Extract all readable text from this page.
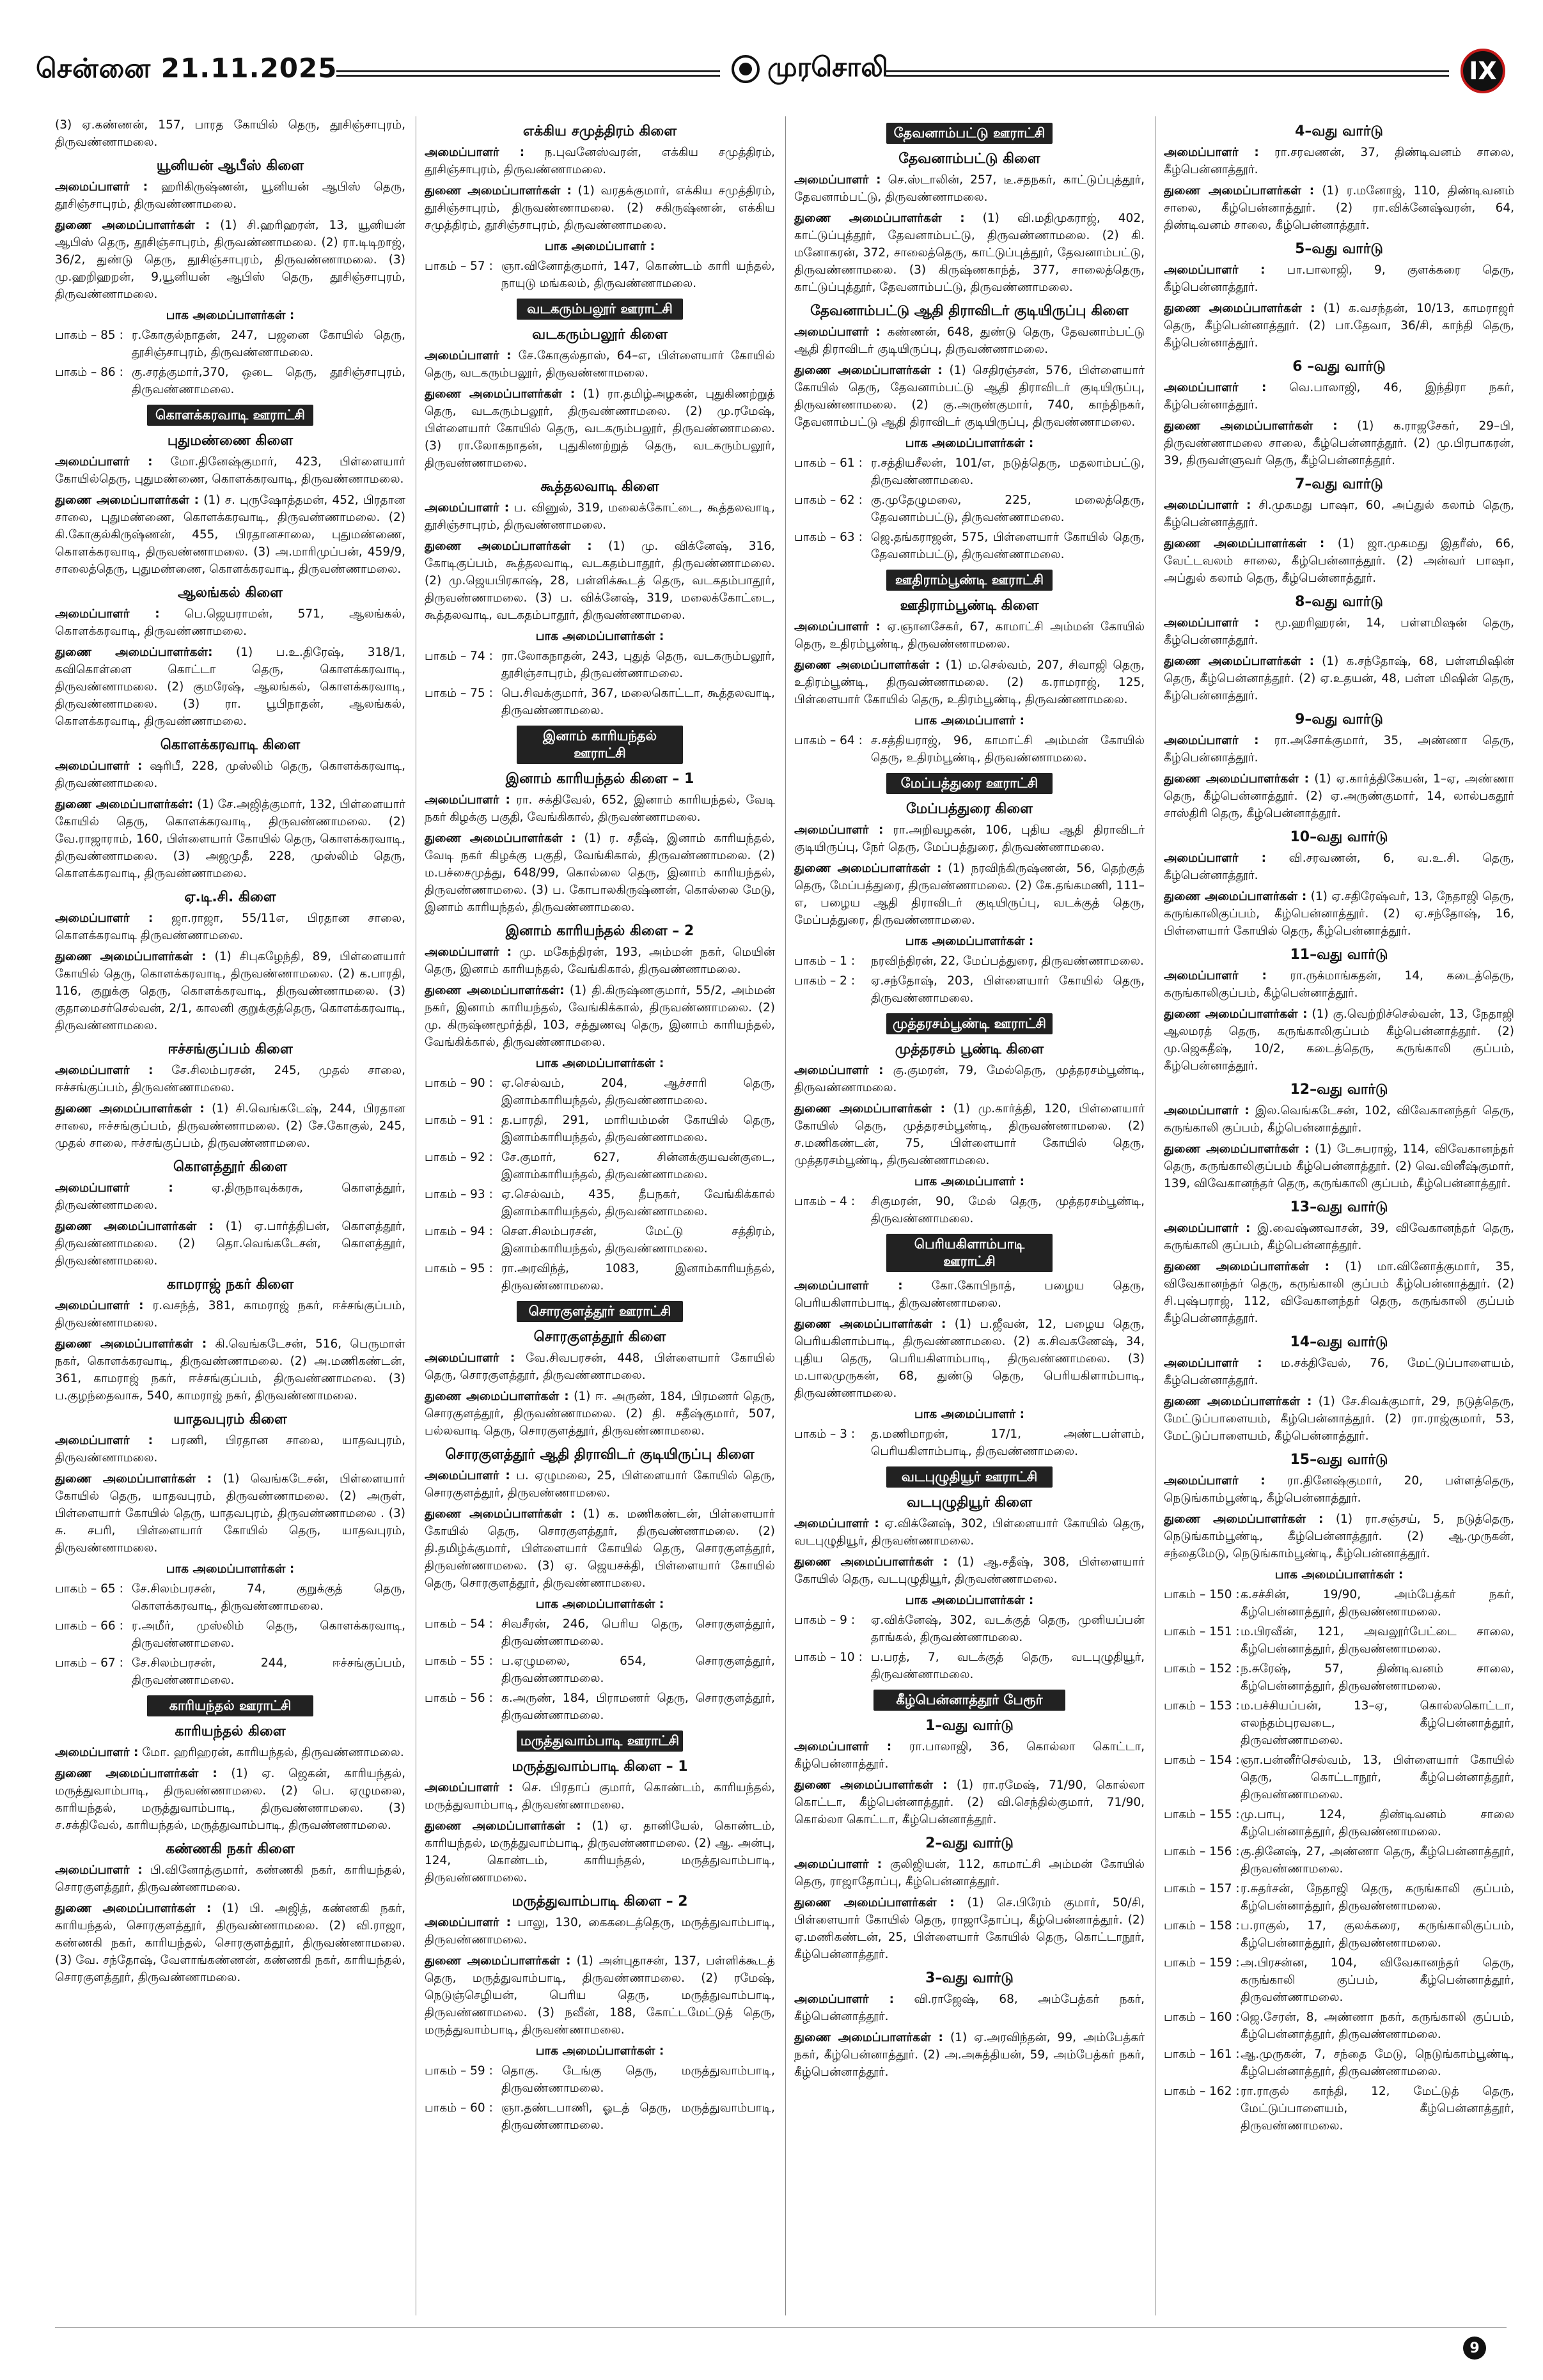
சென்னை 21.11.2025	முரசொலி	IX

(3) ஏ.கண்ணன், 157, பாரத கோயில் தெரு, தூசிஞ்சாபுரம், திருவண்ணாமலை.

யூனியன் ஆபீஸ் கிளை

அமைப்பாளர் : ஹரிகிருஷ்ணன், யூனியன் ஆபிஸ் தெரு, தூசிஞ்சாபுரம், திருவண்ணாமலை.

துணை அமைப்பாளர்கள் : (1) சி.ஹரிஹரன், 13, யூனியன் ஆபிஸ் தெரு, தூசிஞ்சாபுரம், திருவண்ணாமலை. (2) ரா.டிடிறாஜ், 36/2, துண்டு தெரு, தூசிஞ்சாபுரம், திருவண்ணாமலை. (3) மு.ஹறிஹறன், 9,யூனியன் ஆபிஸ் தெரு, தூசிஞ்சாபுரம், திருவண்ணாமலை.

பாக அமைப்பாளர்கள் :
பாகம் – 85 : ர.கோகுல்நாதன், 247, பஜனை கோயில் தெரு, தூசிஞ்சாபுரம், திருவண்ணாமலை.
பாகம் – 86 : கு.சரத்குமார்,370, ஒடை தெரு, தூசிஞ்சாபுரம், திருவண்ணாமலை.
கொளக்கரவாடி ஊராட்சி
புதுமண்ணை கிளை

அமைப்பாளர் : மோ.தினேஷ்குமார், 423, பிள்ளையார் கோயில்தெரு, புதுமண்ணை, கொளக்கரவாடி, திருவண்ணாமலை.

துணை அமைப்பாளர்கள் : (1) ச. புருஷோத்தமன், 452, பிரதான சாலை, புதுமண்ணை, கொளக்கரவாடி, திருவண்ணாமலை. (2) கி.கோகுல்கிருஷ்ணன், 455, பிரதானசாலை, புதுமண்ணை, கொளக்கரவாடி, திருவண்ணாமலை. (3) அ.மாரிமுப்பன், 459/9, சாலைத்தெரு, புதுமண்ணை, கொளக்கரவாடி, திருவண்ணாமலை.

ஆலங்கல் கிளை

அமைப்பாளர் : பெ.ஜெயராமன், 571, ஆலங்கல், கொளக்கரவாடி, திருவண்ணாமலை.

துணை அமைப்பாளர்கள்: (1) ப.உ.திரேஷ், 318/1, கவிகொள்ளை கொட்டா தெரு, கொளக்கரவாடி, திருவண்ணாமலை. (2) குமரேஷ், ஆலங்கல், கொளக்கரவாடி, திருவண்ணாமலை. (3) ரா. பூபிநாதன், ஆலங்கல், கொளக்கரவாடி, திருவண்ணாமலை.

கொளக்கரவாடி கிளை

அமைப்பாளர் : ஷரிபீ, 228, முஸ்லிம் தெரு, கொளக்கரவாடி, திருவண்ணாமலை.

துணை அமைப்பாளர்கள்: (1) சே.அஜித்குமார், 132, பிள்ளையார் கோயில் தெரு, கொளக்கரவாடி, திருவண்ணாமலை. (2) வே.ராஜாராம், 160, பிள்ளையார் கோயில் தெரு, கொளக்கரவாடி, திருவண்ணாமலை. (3) அஜமுதீ, 228, முஸ்லிம் தெரு, கொளக்கரவாடி, திருவண்ணாமலை.

ஏ.டி.சி. கிளை

அமைப்பாளர் : ஜா.ராஜா, 55/11எ, பிரதான சாலை, கொளக்கரவாடி திருவண்ணாமலை.

துணை அமைப்பாளர்கள் : (1) சிபுகழேந்தி, 89, பிள்ளையார் கோயில் தெரு, கொளக்கரவாடி, திருவண்ணாமலை. (2) க.பாரதி, 116, குறுக்கு தெரு, கொளக்கரவாடி, திருவண்ணாமலை. (3) குதாமைசர்செல்வன், 2/1, காலனி குறுக்குத்தெரு, கொளக்கரவாடி, திருவண்ணாமலை.

ஈச்சங்குப்பம் கிளை

அமைப்பாளர் : சே.சிலம்பரசன், 245, முதல் சாலை, ஈச்சங்குப்பம், திருவண்ணாமலை.

துணை அமைப்பாளர்கள் : (1) சி.வெங்கடேஷ், 244, பிரதான சாலை, ஈச்சங்குப்பம், திருவண்ணாமலை. (2) சே.கோகுல், 245, முதல் சாலை, ஈச்சங்குப்பம், திருவண்ணாமலை.

கொளத்தூர் கிளை

அமைப்பாளர் : ஏ.திருநாவுக்கரசு, கொளத்தூர், திருவண்ணாமலை.

துணை அமைப்பாளர்கள் : (1) ஏ.பார்த்திபன், கொளத்தூர், திருவண்ணாமலை. (2) தொ.வெங்கடேசன், கொளத்தூர், திருவண்ணாமலை.

காமராஜ் நகர் கிளை

அமைப்பாளர் : ர.வசந்த், 381, காமராஜ் நகர், ஈச்சங்குப்பம், திருவண்ணாமலை.

துணை அமைப்பாளர்கள் : கி.வெங்கடேசன், 516, பெருமாள் நகர், கொளக்கரவாடி, திருவண்ணாமலை. (2) அ.மணிகண்டன், 361, காமராஜ் நகர், ஈச்சங்குப்பம், திருவண்ணாமலை. (3) ப.குழந்தைவாசு, 540, காமராஜ் நகர், திருவண்ணாமலை.

யாதவபுரம் கிளை

அமைப்பாளர் : பரணி, பிரதான சாலை, யாதவபுரம், திருவண்ணாமலை.

துணை அமைப்பாளர்கள் : (1) வெங்கடேசன், பிள்ளையார் கோயில் தெரு, யாதவபுரம், திருவண்ணாமலை. (2) அருள், பிள்ளையார் கோயில் தெரு, யாதவபுரம், திருவண்ணாமலை . (3) சு. சபரி, பிள்ளையார் கோயில் தெரு, யாதவபுரம், திருவண்ணாமலை.

பாக அமைப்பாளர்கள் :
பாகம் – 65 : சே.சிலம்பரசன், 74, குறுக்குத் தெரு, கொளக்கரவாடி, திருவண்ணாமலை.
பாகம் – 66 : ர.அமீர், முஸ்லிம் தெரு, கொளக்கரவாடி, திருவண்ணாமலை.
பாகம் – 67 : சே.சிலம்பரசன், 244, ஈச்சங்குப்பம், திருவண்ணாமலை.
காரியந்தல் ஊராட்சி
காரியந்தல் கிளை

அமைப்பாளர் : மோ. ஹரிஹரன், காரியந்தல், திருவண்ணாமலை.

துணை அமைப்பாளர்கள் : (1) ஏ. ஜெகன், காரியந்தல், மருத்துவாம்பாடி, திருவண்ணாமலை. (2) பெ. ஏழுமலை, காரியந்தல், மருத்துவாம்பாடி, திருவண்ணாமலை. (3) ச.சக்திவேல், காரியந்தல், மருத்துவாம்பாடி, திருவண்ணாமலை.

கண்ணகி நகர் கிளை

அமைப்பாளர் : பி.வினோத்குமார், கண்ணகி நகர், காரியந்தல், சொரகுளத்தூர், திருவண்ணாமலை.

துணை அமைப்பாளர்கள் : (1) பி. அஜித், கண்ணகி நகர், காரியந்தல், சொரகுளத்தூர், திருவண்ணாமலை. (2) வி.ராஜா, கண்ணகி நகர், காரியந்தல், சொரகுளத்தூர், திருவண்ணாமலை. (3) வே. சந்தோஷ், வேளாங்கண்ணன், கண்ணகி நகர், காரியந்தல், சொரகுளத்தூர், திருவண்ணாமலை.

எக்கிய சமுத்திரம் கிளை

அமைப்பாளர் : ந.புவனேஸ்வரன், எக்கிய சமுத்திரம், தூசிஞ்சாபுரம், திருவண்ணாமலை.

துணை அமைப்பாளர்கள் : (1) வரதக்குமார், எக்கிய சமுத்திரம், தூசிஞ்சாபுரம், திருவண்ணாமலை. (2) சகிருஷ்ணன், எக்கிய சமுத்திரம், தூசிஞ்சாபுரம், திருவண்ணாமலை.

பாக அமைப்பாளர் :
பாகம் – 57 : ஞா.வினோத்குமார், 147, கொண்டம் காரி யந்தல், நாயுடு மங்கலம், திருவண்ணாமலை.
வடகரும்பலூர் ஊராட்சி
வடகரும்பலூர் கிளை

அமைப்பாளர் : சே.கோகுல்தாஸ், 64–எ, பிள்ளையார் கோயில் தெரு, வடகரும்பலூர், திருவண்ணாமலை.

துணை அமைப்பாளர்கள் : (1) ரா.தமிழ்அழகன், புதுகிணற்றுத் தெரு, வடகரும்பலூர், திருவண்ணாமலை. (2) மு.ரமேஷ், பிள்ளையார் கோயில் தெரு, வடகரும்பலூர், திருவண்ணாமலை. (3) ரா.லோகநாதன், புதுகிணற்றுத் தெரு, வடகரும்பலூர், திருவண்ணாமலை.

கூத்தலவாடி கிளை

அமைப்பாளர் : ப. வினுல், 319, மலைக்கோட்டை, கூத்தலவாடி, தூசிஞ்சாபுரம், திருவண்ணாமலை.

துணை அமைப்பாளர்கள் : (1) மு. விக்னேஷ், 316, கோடிகுப்பம், கூத்தலவாடி, வடகதம்பாதூர், திருவண்ணாமலை. (2) மு.ஜெயபிரகாஷ், 28, பள்ளிக்கூடத் தெரு, வடகதம்பாதூர், திருவண்ணாமலை. (3) ப. விக்னேஷ், 319, மலைக்கோட்டை, கூத்தலவாடி, வடகதம்பாதூர், திருவண்ணாமலை.

பாக அமைப்பாளர்கள் :
பாகம் – 74 : ரா.லோகநாதன், 243, புதுத் தெரு, வடகரும்பலூர், தூசிஞ்சாபுரம், திருவண்ணாமலை.
பாகம் – 75 : பெ.சிவக்குமார், 367, மலைகொட்டா, கூத்தலவாடி, திருவண்ணாமலை.
இனாம் காரியந்தல் ஊராட்சி
இனாம் காரியந்தல் கிளை – 1

அமைப்பாளர் : ரா. சக்திவேல், 652, இனாம் காரியந்தல், வேடி நகர் கிழக்கு பகுதி, வேங்கிகால், திருவண்ணாமலை.

துணை அமைப்பாளர்கள் : (1) ர. சதீஷ், இனாம் காரியந்தல், வேடி நகர் கிழக்கு பகுதி, வேங்கிகால், திருவண்ணாமலை. (2) ம.பச்சைமுத்து, 648/99, கொல்லை தெரு, இனாம் காரியந்தல், திருவண்ணாமலை. (3) ப. கோபாலகிருஷ்ணன், கொல்லை மேடு, இனாம் காரியந்தல், திருவண்ணாமலை.

இனாம் காரியந்தல் கிளை – 2

அமைப்பாளர் : மு. மகேந்திரன், 193, அம்மன் நகர், மெயின் தெரு, இனாம் காரியந்தல், வேங்கிகால், திருவண்ணாமலை.

துணை அமைப்பாளர்கள்: (1) தி.கிருஷ்ணகுமார், 55/2, அம்மன் நகர், இனாம் காரியந்தல், வேங்கிக்கால், திருவண்ணாமலை. (2) மு. கிருஷ்ணமூர்த்தி, 103, சத்துணவு தெரு, இனாம் காரியந்தல், வேங்கிக்கால், திருவண்ணாமலை.

பாக அமைப்பாளர்கள் :
பாகம் – 90 : ஏ.செல்வம், 204, ஆச்சாரி தெரு, இனாம்காரியந்தல், திருவண்ணாமலை.
பாகம் – 91 : த.பாரதி, 291, மாரியம்மன் கோயில் தெரு, இனாம்காரியந்தல், திருவண்ணாமலை.
பாகம் – 92 : சே.குமார், 627, சின்னக்குயவன்குடை, இனாம்காரியந்தல், திருவண்ணாமலை.
பாகம் – 93 : ஏ.செல்வம், 435, தீபநகர், வேங்கிக்கால் இனாம்காரியந்தல், திருவண்ணாமலை.
பாகம் – 94 : சௌ.சிலம்பரசன், மேட்டு சத்திரம், இனாம்காரியந்தல், திருவண்ணாமலை.
பாகம் – 95 : ரா.அரவிந்த், 1083, இனாம்காரியந்தல், திருவண்ணாமலை.
சொரகுளத்தூர் ஊராட்சி
சொரகுளத்தூர் கிளை

அமைப்பாளர் : வே.சிவபரசன், 448, பிள்ளையார் கோயில் தெரு, சொரகுளத்தூர், திருவண்ணாமலை.

துணை அமைப்பாளர்கள் : (1) ஈ. அருண், 184, பிரமணர் தெரு, சொரகுளத்தூர், திருவண்ணாமலை. (2) தி. சதீஷ்குமார், 507, பல்லவாடி தெரு, சொரகுளத்தூர், திருவண்ணாமலை.

சொரகுளத்தூர் ஆதி திராவிடர் குடியிருப்பு கிளை

அமைப்பாளர் : ப. ஏழுமலை, 25, பிள்ளையார் கோயில் தெரு, சொரகுளத்தூர், திருவண்ணாமலை.

துணை அமைப்பாளர்கள் : (1) க. மணிகண்டன், பிள்ளையார் கோயில் தெரு, சொரகுளத்தூர், திருவண்ணாமலை. (2) தி.தமிழ்க்குமார், பிள்ளையார் கோயில் தெரு, சொரகுளத்தூர், திருவண்ணாமலை. (3) ஏ. ஜெயசக்தி, பிள்ளையார் கோயில் தெரு, சொரகுளத்தூர், திருவண்ணாமலை.

பாக அமைப்பாளர்கள் :
பாகம் – 54 : சிவசீரன், 246, பெரிய தெரு, சொரகுளத்தூர், திருவண்ணாமலை.
பாகம் – 55 : ப.ஏழுமலை, 654, சொரகுளத்தூர், திருவண்ணாமலை.
பாகம் – 56 : க.அருண், 184, பிராமணர் தெரு, சொரகுளத்தூர், திருவண்ணாமலை.
மருத்துவாம்பாடி ஊராட்சி
மருத்துவாம்பாடி கிளை – 1

அமைப்பாளர் : செ. பிரதாப் குமார், கொண்டம், காரியந்தல், மருத்துவாம்பாடி, திருவண்ணாமலை.

துணை அமைப்பாளர்கள் : (1) ஏ. தானியேல், கொண்டம், காரியந்தல், மருத்துவாம்பாடி, திருவண்ணாமலை. (2) ஆ. அன்பு, 124, கொண்டம், காரியந்தல், மருத்துவாம்பாடி, திருவண்ணாமலை.

மருத்துவாம்பாடி கிளை – 2

அமைப்பாளர் : பாலு, 130, கைகடைத்தெரு, மருத்துவாம்பாடி, திருவண்ணாமலை.

துணை அமைப்பாளர்கள் : (1) அன்புதாசன், 137, பள்ளிக்கூடத் தெரு, மருத்துவாம்பாடி, திருவண்ணாமலை. (2) ரமேஷ், நெடுஞ்செழியன், பெரிய தெரு, மருத்துவாம்பாடி, திருவண்ணாமலை. (3) நவீன், 188, கோட்டமேட்டுத் தெரு, மருத்துவாம்பாடி, திருவண்ணாமலை.

பாக அமைப்பாளர்கள் :
பாகம் – 59 : தொகு. டேங்கு தெரு, மருத்துவாம்பாடி, திருவண்ணாமலை.
பாகம் – 60 : ஞா.தண்டபாணி, ஓடத் தெரு, மருத்துவாம்பாடி, திருவண்ணாமலை.
தேவனாம்பட்டு ஊராட்சி
தேவனாம்பட்டு கிளை

அமைப்பாளர் : செ.ஸ்டாலின், 257, டீ.சதநகர், காட்டுப்புத்தூர், தேவனாம்பட்டு, திருவண்ணாமலை.

துணை அமைப்பாளர்கள் : (1) வி.மதிமுகராஜ், 402, காட்டுப்புத்தூர், தேவனாம்பட்டு, திருவண்ணாமலை. (2) கி. மனோகரன், 372, சாலைத்தெரு, காட்டுப்புத்தூர், தேவனாம்பட்டு, திருவண்ணாமலை. (3) கிருஷ்ணகாந்த், 377, சாலைத்தெரு, காட்டுப்புத்தூர், தேவனாம்பட்டு, திருவண்ணாமலை.

தேவனாம்பட்டு ஆதி திராவிடர் குடியிருப்பு கிளை

அமைப்பாளர் : கண்ணன், 648, துண்டு தெரு, தேவனாம்பட்டு ஆதி திராவிடர் குடியிருப்பு, திருவண்ணாமலை.

துணை அமைப்பாளர்கள் : (1) செதிரஞ்சன், 576, பிள்ளையார் கோயில் தெரு, தேவனாம்பட்டு ஆதி திராவிடர் குடியிருப்பு, திருவண்ணாமலை. (2) கு.அருண்குமார், 740, காந்திநகர், தேவனாம்பட்டு ஆதி திராவிடர் குடியிருப்பு, திருவண்ணாமலை.

பாக அமைப்பாளர்கள் :
பாகம் – 61 : ர.சத்தியசீலன், 101/எ, நடுத்தெரு, மதலாம்பட்டு, திருவண்ணாமலை.
பாகம் – 62 : கு.முதேழுமலை, 225, மலைத்தெரு, தேவனாம்பட்டு, திருவண்ணாமலை.
பாகம் – 63 : ஜெ.தங்கராஜன், 575, பிள்ளையார் கோயில் தெரு, தேவனாம்பட்டு, திருவண்ணாமலை.
ஊதிராம்பூண்டி ஊராட்சி
ஊதிராம்பூண்டி கிளை

அமைப்பாளர் : ஏ.ஞானசேகர், 67, காமாட்சி அம்மன் கோயில் தெரு, உதிரம்பூண்டி, திருவண்ணாமலை.

துணை அமைப்பாளர்கள் : (1) ம.செல்வம், 207, சிவாஜி தெரு, உதிரம்பூண்டி, திருவண்ணாமலை. (2) க.ராமராஜ், 125, பிள்ளையார் கோயில் தெரு, உதிரம்பூண்டி, திருவண்ணாமலை.

பாக அமைப்பாளர் :
பாகம் – 64 : ச.சத்தியராஜ், 96, காமாட்சி அம்மன் கோயில் தெரு, உதிரம்பூண்டி, திருவண்ணாமலை.
மேப்பத்துரை ஊராட்சி
மேப்பத்துரை கிளை

அமைப்பாளர் : ரா.அறிவழகன், 106, புதிய ஆதி திராவிடர் குடியிருப்பு, நேர் தெரு, மேப்பத்துரை, திருவண்ணாமலை.

துணை அமைப்பாளர்கள் : (1) நரவிந்கிருஷ்ணன், 56, தெற்குத் தெரு, மேப்பத்துரை, திருவண்ணாமலை. (2) கே.தங்கமணி, 111–எ, பழைய ஆதி திராவிடர் குடியிருப்பு, வடக்குத் தெரு, மேப்பத்துரை, திருவண்ணாமலை.

பாக அமைப்பாளர்கள் :
பாகம் – 1 :	நரவிந்திரன், 22, மேப்பத்துரை, திருவண்ணாமலை.
பாகம் – 2 :	ஏ.சந்தோஷ், 203, பிள்ளையார் கோயில் தெரு, திருவண்ணாமலை.
முத்தரசம்பூண்டி ஊராட்சி
முத்தரசம் பூண்டி கிளை

அமைப்பாளர் : கு.குமரன், 79, மேல்தெரு, முத்தரசம்பூண்டி, திருவண்ணாமலை.

துணை அமைப்பாளர்கள் : (1) மு.கார்த்தி, 120, பிள்ளையார் கோயில் தெரு, முத்தரசம்பூண்டி, திருவண்ணாமலை. (2) ச.மணிகண்டன், 75, பிள்ளையார் கோயில் தெரு, முத்தரசம்பூண்டி, திருவண்ணாமலை.

பாக அமைப்பாளர் :
பாகம் – 4 :	சிகுமரன், 90, மேல் தெரு, முத்தரசம்பூண்டி, திருவண்ணாமலை.
பெரியகிளாம்பாடி ஊராட்சி

அமைப்பாளர் : கோ.கோபிநாத், பழைய தெரு, பெரியகிளாம்பாடி, திருவண்ணாமலை.

துணை அமைப்பாளர்கள் : (1) ப.ஜீவன், 12, பழைய தெரு, பெரியகிளாம்பாடி, திருவண்ணாமலை. (2) க.சிவகணேஷ், 34, புதிய தெரு, பெரியகிளாம்பாடி, திருவண்ணாமலை. (3) ம.பாலமுருகன், 68, துண்டு தெரு, பெரியகிளாம்பாடி, திருவண்ணாமலை.

பாக அமைப்பாளர் :
பாகம் – 3 :	த.மணிமாறன், 17/1, அண்டபள்ளம், பெரியகிளாம்பாடி, திருவண்ணாமலை.
வடபுழுதியூர் ஊராட்சி
வடபுழுதியூர் கிளை

அமைப்பாளர் : ஏ.விக்னேஷ், 302, பிள்ளையார் கோயில் தெரு, வடபுழுதியூர், திருவண்ணாமலை.

துணை அமைப்பாளர்கள் : (1) ஆ.சதீஷ், 308, பிள்ளையார் கோயில் தெரு, வடபுழுதியூர், திருவண்ணாமலை.

பாக அமைப்பாளர்கள் :
பாகம் – 9 :	ஏ.விக்னேஷ், 302, வடக்குத் தெரு, முனியப்பன் தாங்கல், திருவண்ணாமலை.
பாகம் – 10 : ப.பரத், 7, வடக்குத் தெரு, வடபுழுதியூர், திருவண்ணாமலை.
கீழ்பென்னாத்தூர் பேரூர்
1–வது வார்டு

அமைப்பாளர் : ரா.பாலாஜி, 36, கொல்லா கொட்டா, கீழ்பென்னாத்தூர்.

துணை அமைப்பாளர்கள் : (1) ரா.ரமேஷ், 71/90, கொல்லா கொட்டா, கீழ்பென்னாத்தூர். (2) வி.செந்தில்குமார், 71/90, கொல்லா கொட்டா, கீழ்பென்னாத்தூர்.

2–வது வார்டு

அமைப்பாளர் : குலிஜியன், 112, காமாட்சி அம்மன் கோயில் தெரு, ராஜாதோப்பு, கீழ்பென்னாத்தூர்.

துணை அமைப்பாளர்கள் : (1) செ.பிரேம் குமார், 50/சி, பிள்ளையார் கோயில் தெரு, ராஜாதோப்பு, கீழ்பென்னாத்தூர். (2) ஏ.மணிகண்டன், 25, பிள்ளையார் கோயில் தெரு, கொட்டாநூர், கீழ்பென்னாத்தூர்.

3–வது வார்டு

அமைப்பாளர் : வி.ராஜேஷ், 68, அம்பேத்கர் நகர், கீழ்பென்னாத்தூர்.

துணை அமைப்பாளர்கள் : (1) ஏ.அரவிந்தன், 99, அம்பேத்கர் நகர், கீழ்பென்னாத்தூர். (2) அ.அசுத்தியன், 59, அம்பேத்கர் நகர், கீழ்பென்னாத்தூர்.

4–வது வார்டு

அமைப்பாளர் : ரா.சரவணன், 37, திண்டிவனம் சாலை, கீழ்பென்னாத்தூர்.

துணை அமைப்பாளர்கள் : (1) ர.மனோஜ், 110, திண்டிவனம் சாலை, கீழ்பென்னாத்தூர். (2) ரா.விக்னேஷ்வரன், 64, திண்டிவனம் சாலை, கீழ்பென்னாத்தூர்.

5–வது வார்டு

அமைப்பாளர் : பா.பாலாஜி, 9, குளக்கரை தெரு, கீழ்பென்னாத்தூர்.

துணை அமைப்பாளர்கள் : (1) க.வசந்தன், 10/13, காமராஜர் தெரு, கீழ்பென்னாத்தூர். (2) பா.தேவா, 36/சி, காந்தி தெரு, கீழ்பென்னாத்தூர்.

6 –வது வார்டு

அமைப்பாளர் : வெ.பாலாஜி, 46, இந்திரா நகர், கீழ்பென்னாத்தூர்.

துணை அமைப்பாளர்கள் : (1) க.ராஜசேகர், 29–பி, திருவண்ணாமலை சாலை, கீழ்பென்னாத்தூர். (2) மு.பிரபாகரன், 39, திருவள்ளுவர் தெரு, கீழ்பென்னாத்தூர்.

7–வது வார்டு

அமைப்பாளர் : சி.முகமது பாஷா, 60, அப்துல் கலாம் தெரு, கீழ்பென்னாத்தூர்.

துணை அமைப்பாளர்கள் : (1) ஜா.முகமது இதரீஸ், 66, வேட்டவலம் சாலை, கீழ்பென்னாத்தூர். (2) அன்வர் பாஷா, அப்துல் கலாம் தெரு, கீழ்பென்னாத்தூர்.

8–வது வார்டு

அமைப்பாளர் : மூ.ஹரிஹரன், 14, பள்ளமிஷன் தெரு, கீழ்பென்னாத்தூர்.

துணை அமைப்பாளர்கள் : (1) க.சந்தோஷ், 68, பள்ளமிஷின் தெரு, கீழ்பென்னாத்தூர். (2) ஏ.உதயன், 48, பள்ள மிஷின் தெரு, கீழ்பென்னாத்தூர்.

9–வது வார்டு

அமைப்பாளர் : ரா.அசோக்குமார், 35, அண்ணா தெரு, கீழ்பென்னாத்தூர்.

துணை அமைப்பாளர்கள் : (1) ஏ.கார்த்திகேயன், 1–ஏ, அண்ணா தெரு, கீழ்பென்னாத்தூர். (2) ஏ.அருண்குமார், 14, லால்பகதூர் சாஸ்திரி தெரு, கீழ்பென்னாத்தூர்.

10–வது வார்டு

அமைப்பாளர் : வி.சரவணன், 6, வ.உ.சி. தெரு, கீழ்பென்னாத்தூர்.

துணை அமைப்பாளர்கள் : (1) ஏ.சதிரேஷ்வர், 13, நேதாஜி தெரு, கருங்காலிகுப்பம், கீழ்பென்னாத்தூர். (2) ஏ.சந்தோஷ், 16, பிள்ளையார் கோயில் தெரு, கீழ்பென்னாத்தூர்.

11–வது வார்டு

அமைப்பாளர் : ரா.ருக்மாங்கதன், 14, கடைத்தெரு, கருங்காலிகுப்பம், கீழ்பென்னாத்தூர்.

துணை அமைப்பாளர்கள் : (1) கு.வெற்றிச்செல்வன், 13, நேதாஜி ஆலமரத் தெரு, கருங்காலிகுப்பம் கீழ்பென்னாத்தூர். (2) மு.ஜெகதீஷ், 10/2, கடைத்தெரு, கருங்காலி குப்பம், கீழ்பென்னாத்தூர்.

12–வது வார்டு

அமைப்பாளர் : இல.வெங்கடேசன், 102, விவேகானந்தர் தெரு, கருங்காலி குப்பம், கீழ்பென்னாத்தூர்.

துணை அமைப்பாளர்கள் : (1) டேசுபராஜ், 114, விவேகானந்தர் தெரு, கருங்காலிகுப்பம் கீழ்பென்னாத்தூர். (2) வெ.வினீஷ்குமார், 139, விவேகானந்தர் தெரு, கருங்காலி குப்பம், கீழ்பென்னாத்தூர்.

13–வது வார்டு

அமைப்பாளர் : இ.வைஷ்ணவாசன், 39, விவேகானந்தர் தெரு, கருங்காலி குப்பம், கீழ்பென்னாத்தூர்.

துணை அமைப்பாளர்கள் : (1) மா.வினோத்குமார், 35, விவேகானந்தர் தெரு, கருங்காலி குப்பம் கீழ்பென்னாத்தூர். (2) சி.புஷ்பராஜ், 112, விவேகானந்தர் தெரு, கருங்காலி குப்பம் கீழ்பென்னாத்தூர்.

14–வது வார்டு

அமைப்பாளர் : ம.சக்திவேல், 76, மேட்டுப்பாளையம், கீழ்பென்னாத்தூர்.

துணை அமைப்பாளர்கள் : (1) சே.சிவக்குமார், 29, நடுத்தெரு, மேட்டுப்பாளையம், கீழ்பென்னாத்தூர். (2) ரா.ராஜ்குமார், 53, மேட்டுப்பாளையம், கீழ்பென்னாத்தூர்.

15–வது வார்டு

அமைப்பாளர் : ரா.தினேஷ்குமார், 20, பள்ளத்தெரு, நெடுங்காம்பூண்டி, கீழ்பென்னாத்தூர்.

துணை அமைப்பாளர்கள் : (1) ரா.சஞ்சய், 5, நடுத்தெரு, நெடுங்காம்பூண்டி, கீழ்பென்னாத்தூர். (2) ஆ.முருகன், சந்தைமேடு, நெடுங்காம்பூண்டி, கீழ்பென்னாத்தூர்.

பாக அமைப்பாளர்கள் :
பாகம் – 150 : க.சச்சின், 19/90, அம்பேத்கர் நகர், கீழ்பென்னாத்தூர், திருவண்ணாமலை.
பாகம் – 151 : ம.பிரவீன், 121, அவலூர்பேட்டை சாலை, கீழ்பென்னாத்தூர், திருவண்ணாமலை.
பாகம் – 152 : ந.சுரேஷ், 57, திண்டிவனம் சாலை, கீழ்பென்னாத்தூர், திருவண்ணாமலை.
பாகம் – 153 : ம.பச்சியப்பன், 13–ஏ, கொல்லகொட்டா, எலந்தம்புரவடை, கீழ்பென்னாத்தூர், திருவண்ணாமலை.
பாகம் – 154 : ஞா.பன்னீர்செல்வம், 13, பிள்ளையார் கோயில் தெரு, கொட்டாநூர், கீழ்பென்னாத்தூர், திருவண்ணாமலை.
பாகம் – 155 : மு.பாபு, 124, திண்டிவனம் சாலை கீழ்பென்னாத்தூர், திருவண்ணாமலை.
பாகம் – 156 : கு.தினேஷ், 27, அண்ணா தெரு, கீழ்பென்னாத்தூர், திருவண்ணாமலை.
பாகம் – 157 : ர.சுதர்சன், நேதாஜி தெரு, கருங்காலி குப்பம், கீழ்பென்னாத்தூர், திருவண்ணாமலை.
பாகம் – 158 : ப.ராகுல், 17, குலக்கரை, கருங்காலிகுப்பம், கீழ்பென்னாத்தூர், திருவண்ணாமலை.
பாகம் – 159 : அ.பிரசன்ன, 104, விவேகானந்தர் தெரு, கருங்காலி குப்பம், கீழ்பென்னாத்தூர், திருவண்ணாமலை.
பாகம் – 160 : ஜெ.சேரன், 8, அண்ணா நகர், கருங்காலி குப்பம், கீழ்பென்னாத்தூர், திருவண்ணாமலை.
பாகம் – 161 : ஆ.முருகன், 7, சந்தை மேடு, நெடுங்காம்பூண்டி, கீழ்பென்னாத்தூர், திருவண்ணாமலை.
பாகம் – 162 : ரா.ராகுல் காந்தி, 12, மேட்டுத் தெரு, மேட்டுப்பாளையம், கீழ்பென்னாத்தூர், திருவண்ணாமலை.
9
